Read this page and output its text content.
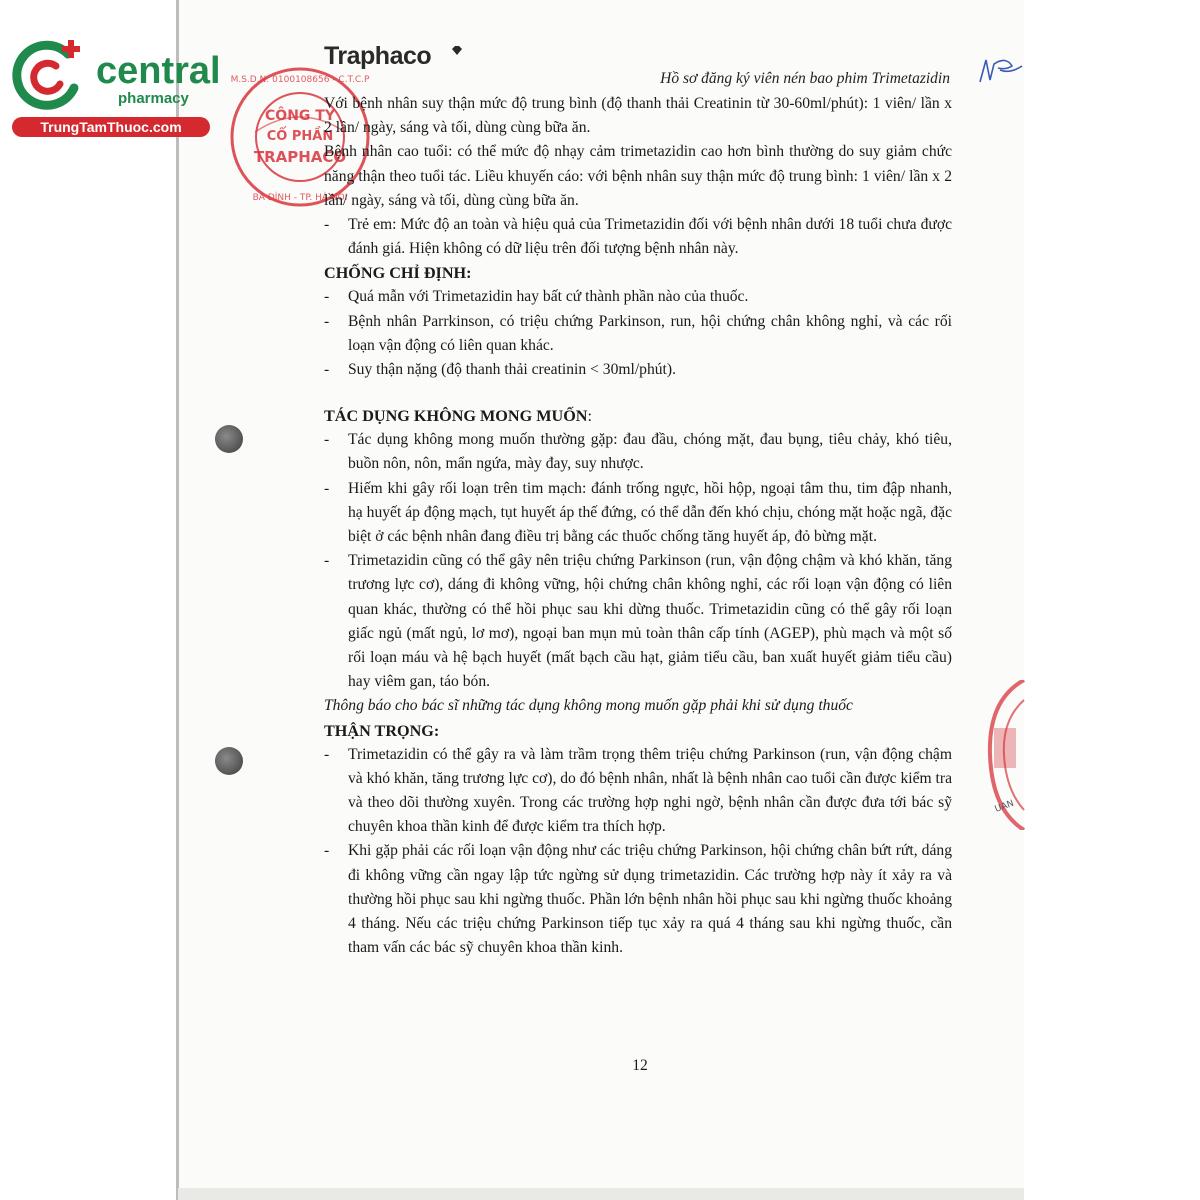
central
pharmacy
TrungTamThuoc.com
Traphaco
Hồ sơ đăng ký viên nén bao phim Trimetazidin
CÔNG TY
CỔ PHẦN
TRAPHACO
M.S.D.N: 0100108656 - C.T.C.P
BA ĐÌNH - TP. HÀ NỘI
UAN

Với bệnh nhân suy thận mức độ trung bình (độ thanh thải Creatinin từ 30-60ml/phút): 1 viên/ lần x 2 lần/ ngày, sáng và tối, dùng cùng bữa ăn.

Bệnh nhân cao tuổi: có thể mức độ nhạy cảm trimetazidin cao hơn bình thường do suy giảm chức năng thận theo tuổi tác. Liều khuyến cáo: với bệnh nhân suy thận mức độ trung bình: 1 viên/ lần x 2 lần/ ngày, sáng và tối, dùng cùng bữa ăn.

- Trẻ em: Mức độ an toàn và hiệu quả của Trimetazidin đối với bệnh nhân dưới 18 tuổi chưa được đánh giá. Hiện không có dữ liệu trên đối tượng bệnh nhân này.

CHỐNG CHỈ ĐỊNH:

- Quá mẫn với Trimetazidin hay bất cứ thành phần nào của thuốc.
- Bệnh nhân Parrkinson, có triệu chứng Parkinson, run, hội chứng chân không nghỉ, và các rối loạn vận động có liên quan khác.
- Suy thận nặng (độ thanh thải creatinin < 30ml/phút).

TÁC DỤNG KHÔNG MONG MUỐN:

- Tác dụng không mong muốn thường gặp: đau đầu, chóng mặt, đau bụng, tiêu chảy, khó tiêu, buồn nôn, nôn, mẩn ngứa, mày đay, suy nhược.
- Hiếm khi gây rối loạn trên tim mạch: đánh trống ngực, hồi hộp, ngoại tâm thu, tim đập nhanh, hạ huyết áp động mạch, tụt huyết áp thế đứng, có thể dẫn đến khó chịu, chóng mặt hoặc ngã, đặc biệt ở các bệnh nhân đang điều trị bằng các thuốc chống tăng huyết áp, đỏ bừng mặt.
- Trimetazidin cũng có thể gây nên triệu chứng Parkinson (run, vận động chậm và khó khăn, tăng trương lực cơ), dáng đi không vững, hội chứng chân không nghỉ, các rối loạn vận động có liên quan khác, thường có thể hồi phục sau khi dừng thuốc. Trimetazidin cũng có thể gây rối loạn giấc ngủ (mất ngủ, lơ mơ), ngoại ban mụn mủ toàn thân cấp tính (AGEP), phù mạch và một số rối loạn máu và hệ bạch huyết (mất bạch cầu hạt, giảm tiểu cầu, ban xuất huyết giảm tiểu cầu) hay viêm gan, táo bón.

Thông báo cho bác sĩ những tác dụng không mong muốn gặp phải khi sử dụng thuốc

THẬN TRỌNG:

- Trimetazidin có thể gây ra và làm trầm trọng thêm triệu chứng Parkinson (run, vận động chậm và khó khăn, tăng trương lực cơ), do đó bệnh nhân, nhất là bệnh nhân cao tuổi cần được kiểm tra và theo dõi thường xuyên. Trong các trường hợp nghi ngờ, bệnh nhân cần được đưa tới bác sỹ chuyên khoa thần kinh để được kiểm tra thích hợp.
- Khi gặp phải các rối loạn vận động như các triệu chứng Parkinson, hội chứng chân bứt rứt, dáng đi không vững cần ngay lập tức ngừng sử dụng trimetazidin. Các trường hợp này ít xảy ra và thường hồi phục sau khi ngừng thuốc. Phần lớn bệnh nhân hồi phục sau khi ngừng thuốc khoảng 4 tháng. Nếu các triệu chứng Parkinson tiếp tục xảy ra quá 4 tháng sau khi ngừng thuốc, cần tham vấn các bác sỹ chuyên khoa thần kinh.
12
